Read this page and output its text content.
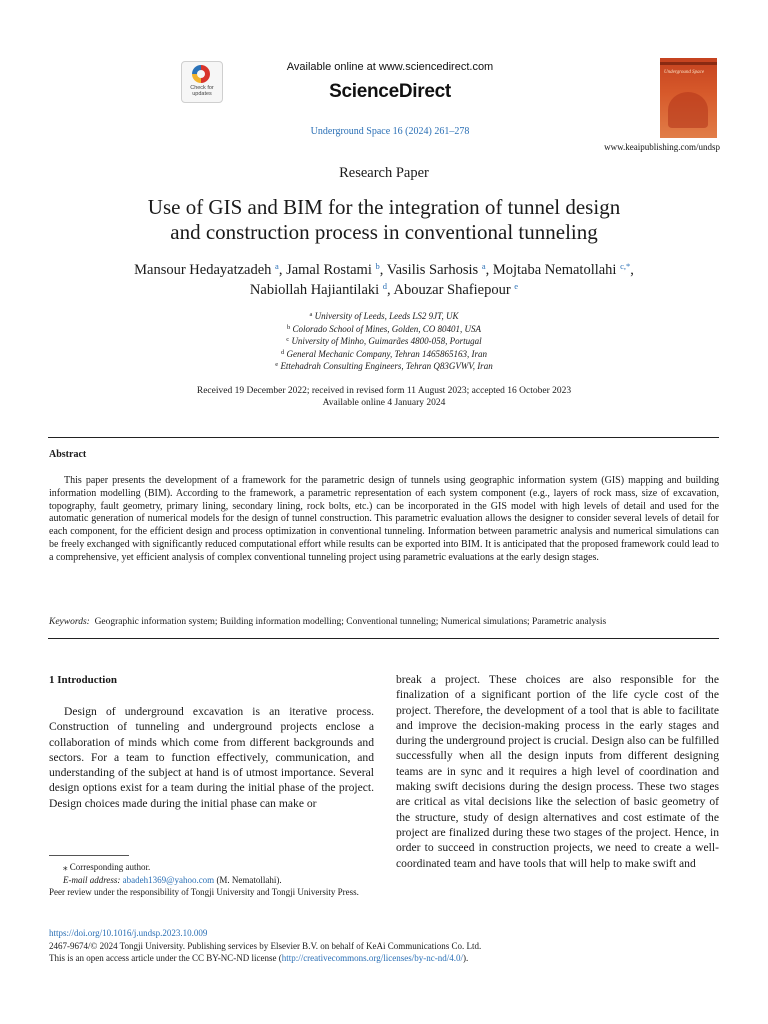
Check for updates
Available online at www.sciencedirect.com
ScienceDirect
Underground Space 16 (2024) 261–278
Underground Space
www.keaipublishing.com/undsp
Research Paper
Use of GIS and BIM for the integration of tunnel design
and construction process in conventional tunneling
Mansour Hedayatzadeh $^a$, Jamal Rostami $^b$, Vasilis Sarhosis $^a$, Mojtaba Nematollahi $^{c,*}$,
Nabiollah Hajiantilaki $^d$, Abouzar Shafiepour $^e$
$^a$ University of Leeds, Leeds LS2 9JT, UK
$^b$ Colorado School of Mines, Golden, CO 80401, USA
$^c$ University of Minho, Guimarães 4800-058, Portugal
$^d$ General Mechanic Company, Tehran 1465865163, Iran
$^e$ Ettehadrah Consulting Engineers, Tehran Q83GVWV, Iran
Received 19 December 2022; received in revised form 11 August 2023; accepted 16 October 2023
Available online 4 January 2024
Abstract
This paper presents the development of a framework for the parametric design of tunnels using geographic information system (GIS) mapping and building information modelling (BIM). According to the framework, a parametric representation of each system component (e.g., layers of rock mass, size of excavation, topography, fault geometry, primary lining, secondary lining, rock bolts, etc.) can be incorporated in the GIS model with high levels of detail and used for the automatic generation of numerical models for the design of tunnel construction. This parametric evaluation allows the designer to consider several levels of detail for each component, for the efficient design and process optimization in conventional tunneling. Information between parametric analysis and numerical simulations can be freely exchanged with significantly reduced computational effort while results can be exported into BIM. It is anticipated that the proposed framework could lead to a comprehensive, yet efficient analysis of complex conventional tunneling project using parametric evaluations at the early design stages.
Keywords: Geographic information system; Building information modelling; Conventional tunneling; Numerical simulations; Parametric analysis
1 Introduction
Design of underground excavation is an iterative process. Construction of tunneling and underground projects enclose a collaboration of minds which come from different backgrounds and sectors. For a team to function effectively, communication, and understanding of the subject at hand is of utmost importance. Several design options exist for a team during the initial phase of the project. Design choices made during the initial phase can make or
break a project. These choices are also responsible for the finalization of a significant portion of the life cycle cost of the project. Therefore, the development of a tool that is able to facilitate and improve the decision-making process in the early stages and during the underground project is crucial. Design also can be fulfilled successfully when all the design inputs from different designing teams are in sync and it requires a high level of coordination and making swift decisions during the design process. These two stages are critical as vital decisions like the selection of basic geometry of the structure, study of design alternatives and cost estimate of the project are finalized during these two stages of the project. Hence, in order to succeed in construction projects, we need to create a well-coordinated team and have tools that will help to make swift and
⁎ Corresponding author.
E-mail address: abadeh1369@yahoo.com (M. Nematollahi).
Peer review under the responsibility of Tongji University and Tongji University Press.
https://doi.org/10.1016/j.undsp.2023.10.009
2467-9674/© 2024 Tongji University. Publishing services by Elsevier B.V. on behalf of KeAi Communications Co. Ltd.
This is an open access article under the CC BY-NC-ND license (http://creativecommons.org/licenses/by-nc-nd/4.0/).
